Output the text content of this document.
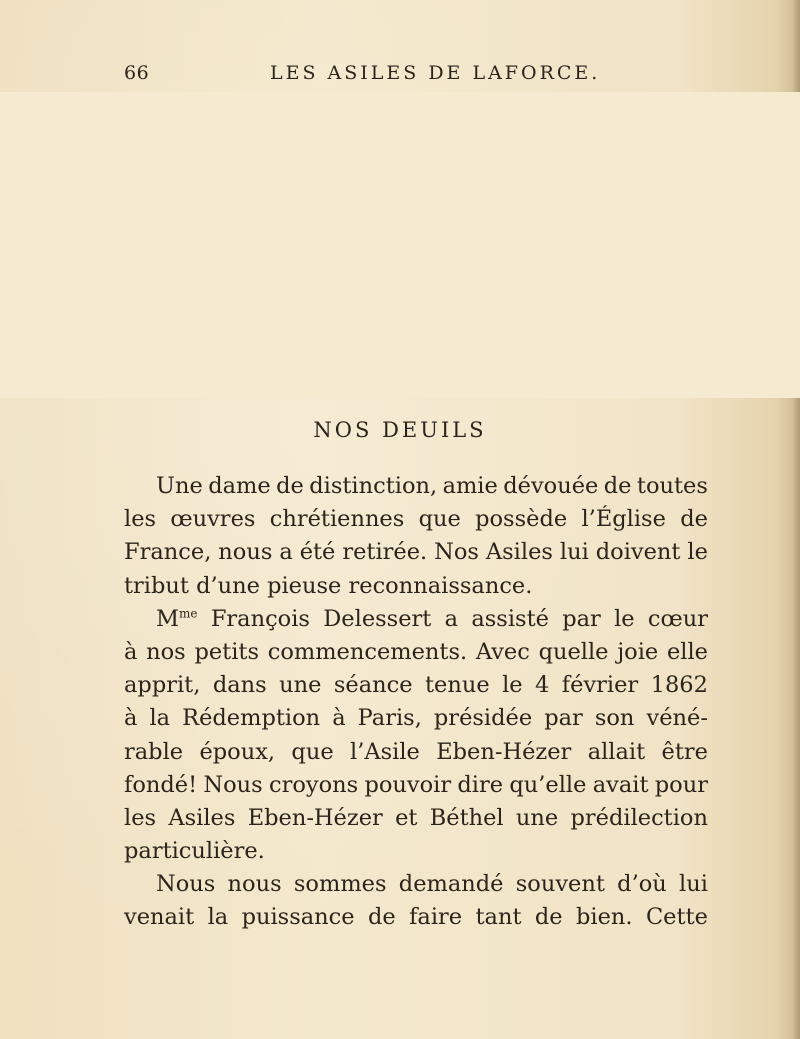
66	LES ASILES DE LAFORCE.
NOS DEUILS
Une dame de distinction, amie dévouée de toutes
les œuvres chrétiennes que possède l’Église de
France, nous a été retirée. Nos Asiles lui doivent le
tribut d’une pieuse reconnaissance.
$M^{me}$ François Delessert a assisté par le cœur
à nos petits commencements. Avec quelle joie elle
apprit, dans une séance tenue le 4 février 1862
à la Rédemption à Paris, présidée par son véné-
rable époux, que l’Asile Eben-Hézer allait être
fondé! Nous croyons pouvoir dire qu’elle avait pour
les Asiles Eben-Hézer et Béthel une prédilection
particulière.
Nous nous sommes demandé souvent d’où lui
venait la puissance de faire tant de bien. Cette
